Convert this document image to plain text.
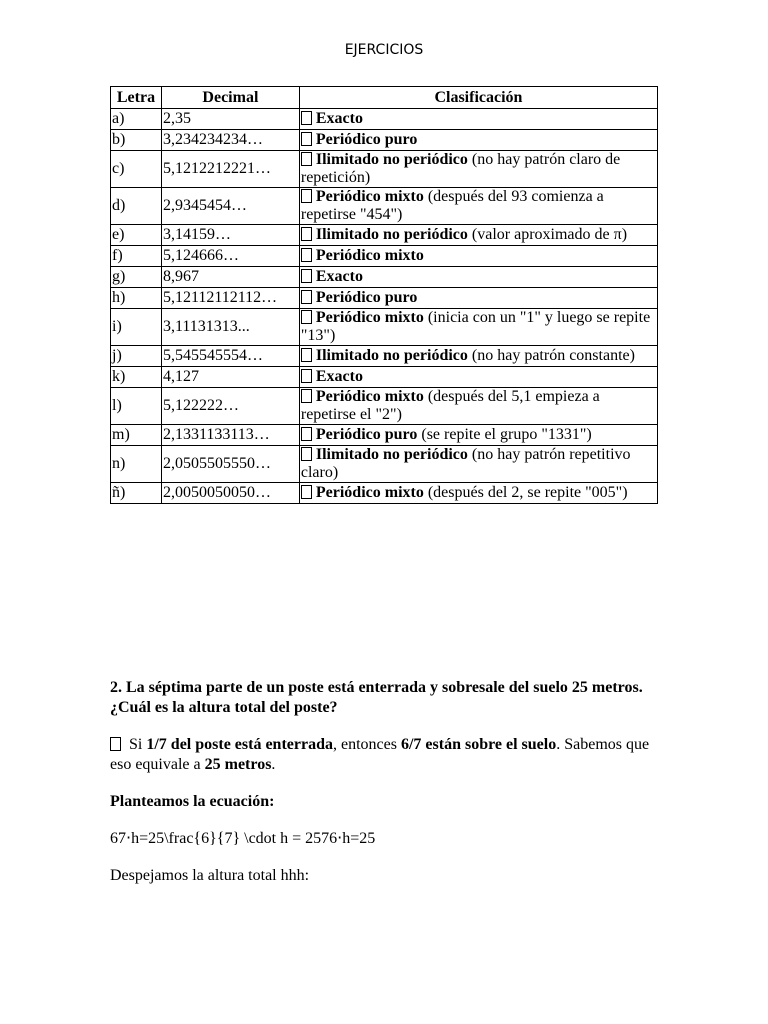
EJERCICIOS
Letra	Decimal	Clasificación
a)	2,35	Exacto
b)	3,234234234…	Periódico puro
c)	5,1212212221…	Ilimitado no periódico (no hay patrón claro de repetición)
d)	2,9345454…	Periódico mixto (después del 93 comienza a repetirse "454")
e)	3,14159…	Ilimitado no periódico (valor aproximado de π)
f)	5,124666…	Periódico mixto
g)	8,967	Exacto
h)	5,12112112112…	Periódico puro
i)	3,11131313...	Periódico mixto (inicia con un "1" y luego se repite "13")
j)	5,545545554…	Ilimitado no periódico (no hay patrón constante)
k)	4,127	Exacto
l)	5,122222…	Periódico mixto (después del 5,1 empieza a repetirse el "2")
m)	2,1331133113…	Periódico puro (se repite el grupo "1331")
n)	2,0505505550…	Ilimitado no periódico (no hay patrón repetitivo claro)
ñ)	2,0050050050…	Periódico mixto (después del 2, se repite "005")
2. La séptima parte de un poste está enterrada y sobresale del suelo 25 metros. ¿Cuál es la altura total del poste?
Si 1/7 del poste está enterrada, entonces 6/7 están sobre el suelo. Sabemos que eso equivale a 25 metros.
Planteamos la ecuación:
67⋅h=25\frac{6}{7} \cdot h = 2576⋅h=25
Despejamos la altura total hhh:
